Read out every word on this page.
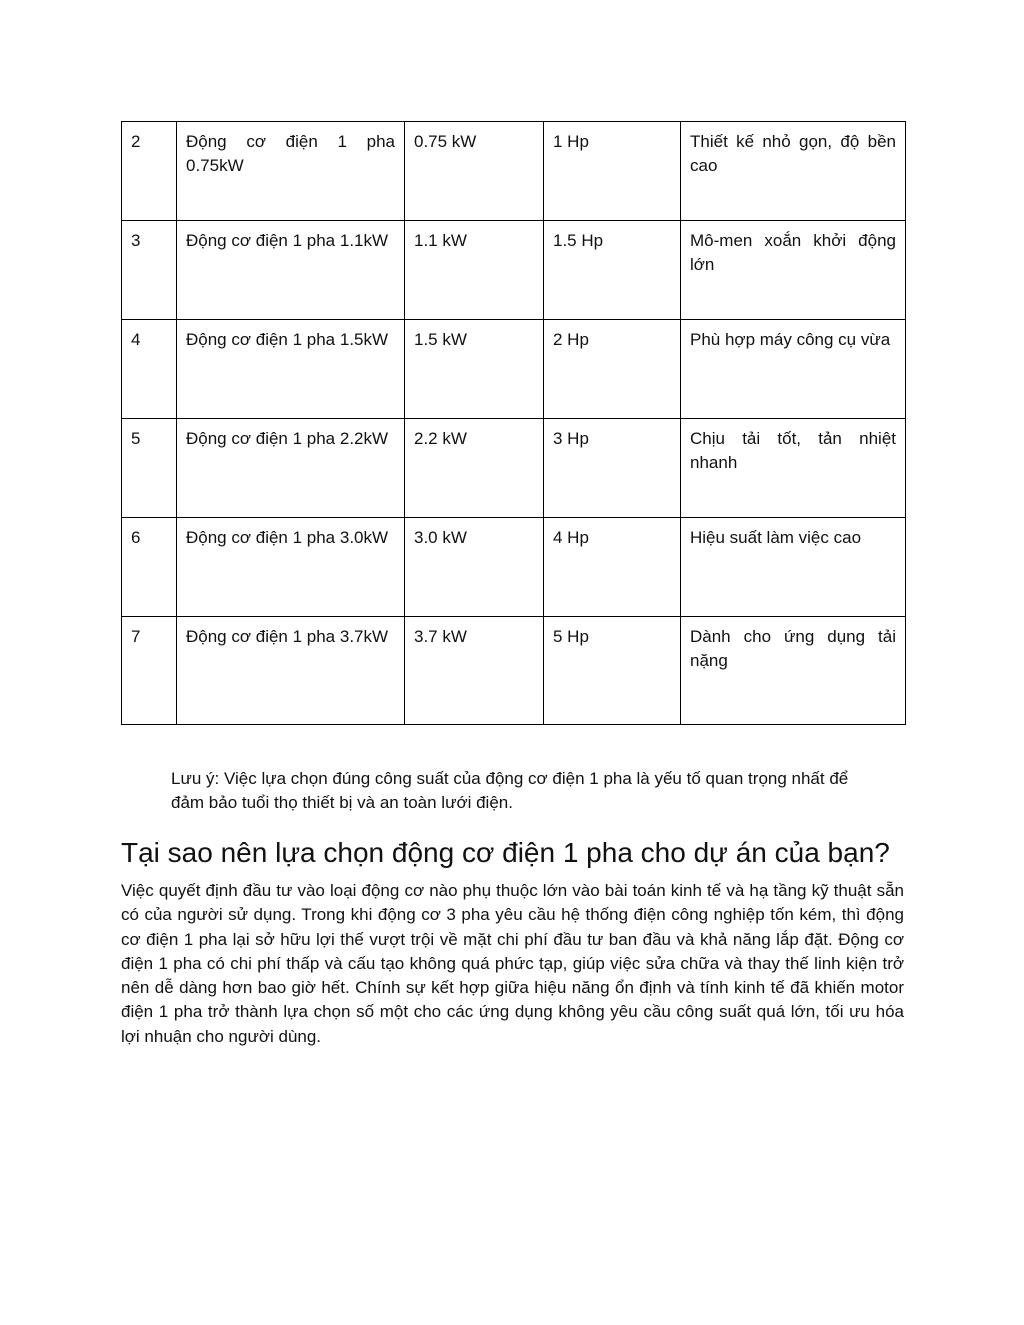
2	Động cơ điện 1 pha 0.75kW	0.75 kW	1 Hp	Thiết kế nhỏ gọn, độ bền cao
3	Động cơ điện 1 pha 1.1kW	1.1 kW	1.5 Hp	Mô-men xoắn khởi động lớn
4	Động cơ điện 1 pha 1.5kW	1.5 kW	2 Hp	Phù hợp máy công cụ vừa
5	Động cơ điện 1 pha 2.2kW	2.2 kW	3 Hp	Chịu tải tốt, tản nhiệt nhanh
6	Động cơ điện 1 pha 3.0kW	3.0 kW	4 Hp	Hiệu suất làm việc cao
7	Động cơ điện 1 pha 3.7kW	3.7 kW	5 Hp	Dành cho ứng dụng tải nặng

Lưu ý: Việc lựa chọn đúng công suất của động cơ điện 1 pha là yếu tố quan trọng nhất để đảm bảo tuổi thọ thiết bị và an toàn lưới điện.

Tại sao nên lựa chọn động cơ điện 1 pha cho dự án của bạn?

Việc quyết định đầu tư vào loại động cơ nào phụ thuộc lớn vào bài toán kinh tế và hạ tầng kỹ thuật sẵn có của người sử dụng. Trong khi động cơ 3 pha yêu cầu hệ thống điện công nghiệp tốn kém, thì động cơ điện 1 pha lại sở hữu lợi thế vượt trội về mặt chi phí đầu tư ban đầu và khả năng lắp đặt. Động cơ điện 1 pha có chi phí thấp và cấu tạo không quá phức tạp, giúp việc sửa chữa và thay thế linh kiện trở nên dễ dàng hơn bao giờ hết. Chính sự kết hợp giữa hiệu năng ổn định và tính kinh tế đã khiến motor điện 1 pha trở thành lựa chọn số một cho các ứng dụng không yêu cầu công suất quá lớn, tối ưu hóa lợi nhuận cho người dùng.
